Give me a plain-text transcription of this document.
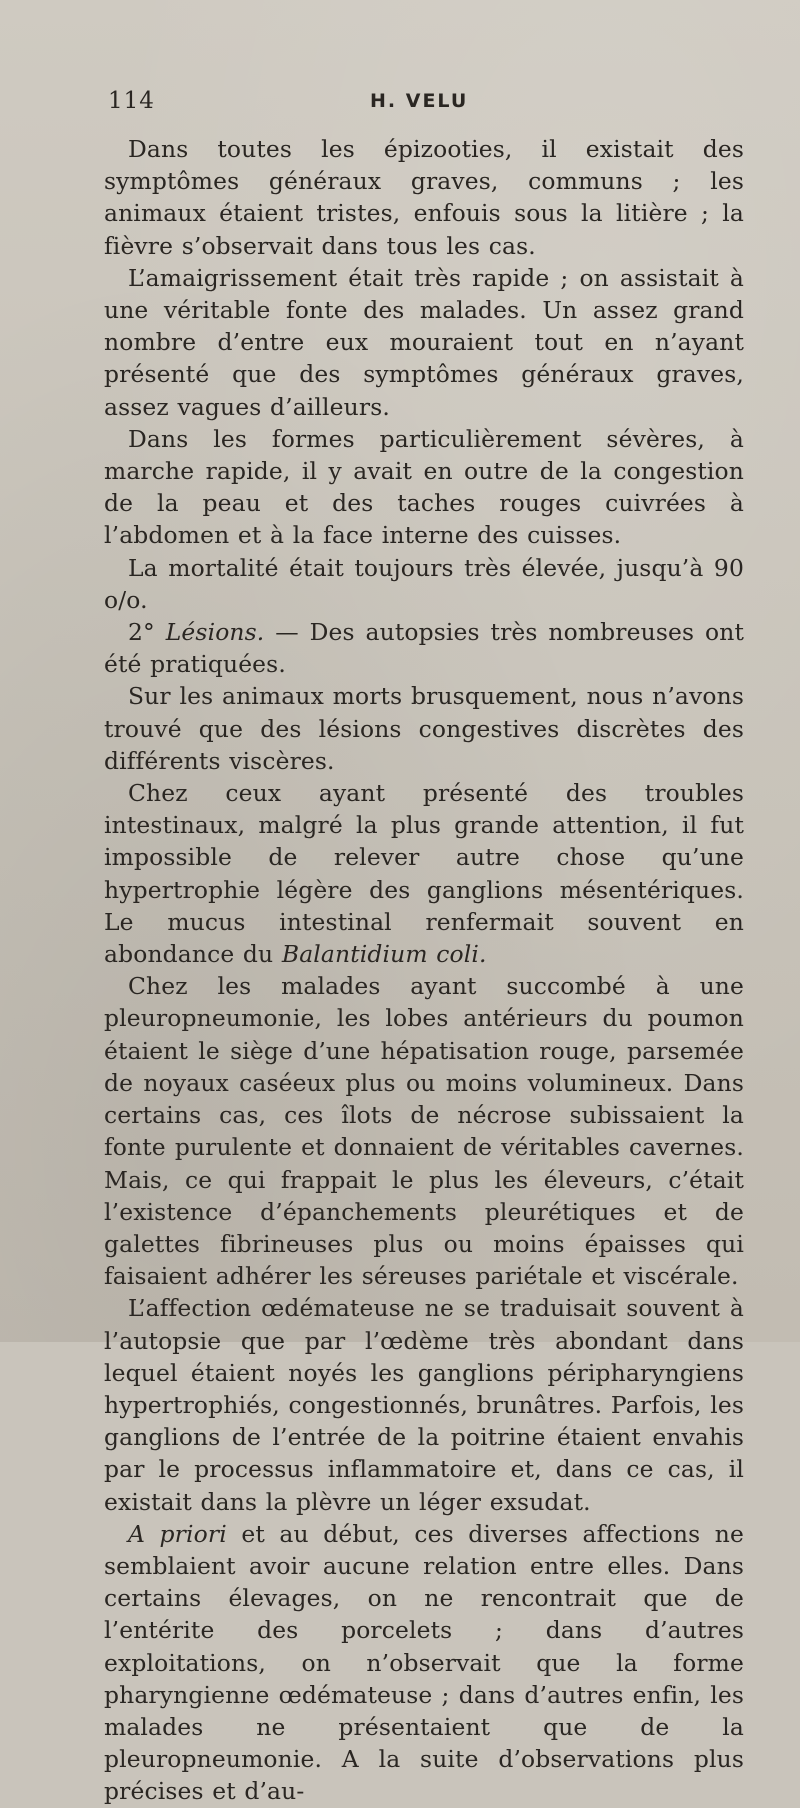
114	H. VELU

Dans toutes les épizooties, il existait des symptômes généraux graves, communs ; les animaux étaient tristes, enfouis sous la litière ; la fièvre s’observait dans tous les cas.

L’amaigrissement était très rapide ; on assistait à une véritable fonte des malades. Un assez grand nombre d’entre eux mouraient tout en n’ayant présenté que des symptômes généraux graves, assez vagues d’ailleurs.

Dans les formes particulièrement sévères, à marche rapide, il y avait en outre de la congestion de la peau et des taches rouges cuivrées à l’abdomen et à la face interne des cuisses.

La mortalité était toujours très élevée, jusqu’à 90 o/o.

2° Lésions. — Des autopsies très nombreuses ont été pratiquées.

Sur les animaux morts brusquement, nous n’avons trouvé que des lésions congestives discrètes des différents viscères.

Chez ceux ayant présenté des troubles intestinaux, malgré la plus grande attention, il fut impossible de relever autre chose qu’une hypertrophie légère des ganglions mésentériques. Le mucus intestinal renfermait souvent en abondance du Balantidium coli.

Chez les malades ayant succombé à une pleuropneumonie, les lobes antérieurs du poumon étaient le siège d’une hépatisation rouge, parsemée de noyaux caséeux plus ou moins volumineux. Dans certains cas, ces îlots de nécrose subissaient la fonte purulente et donnaient de véritables cavernes. Mais, ce qui frappait le plus les éleveurs, c’était l’existence d’épanchements pleurétiques et de galettes fibrineuses plus ou moins épaisses qui faisaient adhérer les séreuses pariétale et viscérale.

L’affection œdémateuse ne se traduisait souvent à l’autopsie que par l’œdème très abondant dans lequel étaient noyés les ganglions péripharyngiens hypertrophiés, congestionnés, brunâtres. Parfois, les ganglions de l’entrée de la poitrine étaient envahis par le processus inflammatoire et, dans ce cas, il existait dans la plèvre un léger exsudat.

A priori et au début, ces diverses affections ne semblaient avoir aucune relation entre elles. Dans certains élevages, on ne rencontrait que de l’entérite des porcelets ; dans d’autres exploitations, on n’observait que la forme pharyngienne œdémateuse ; dans d’autres enfin, les malades ne présentaient que de la pleuropneumonie. A la suite d’observations plus précises et d’au-
